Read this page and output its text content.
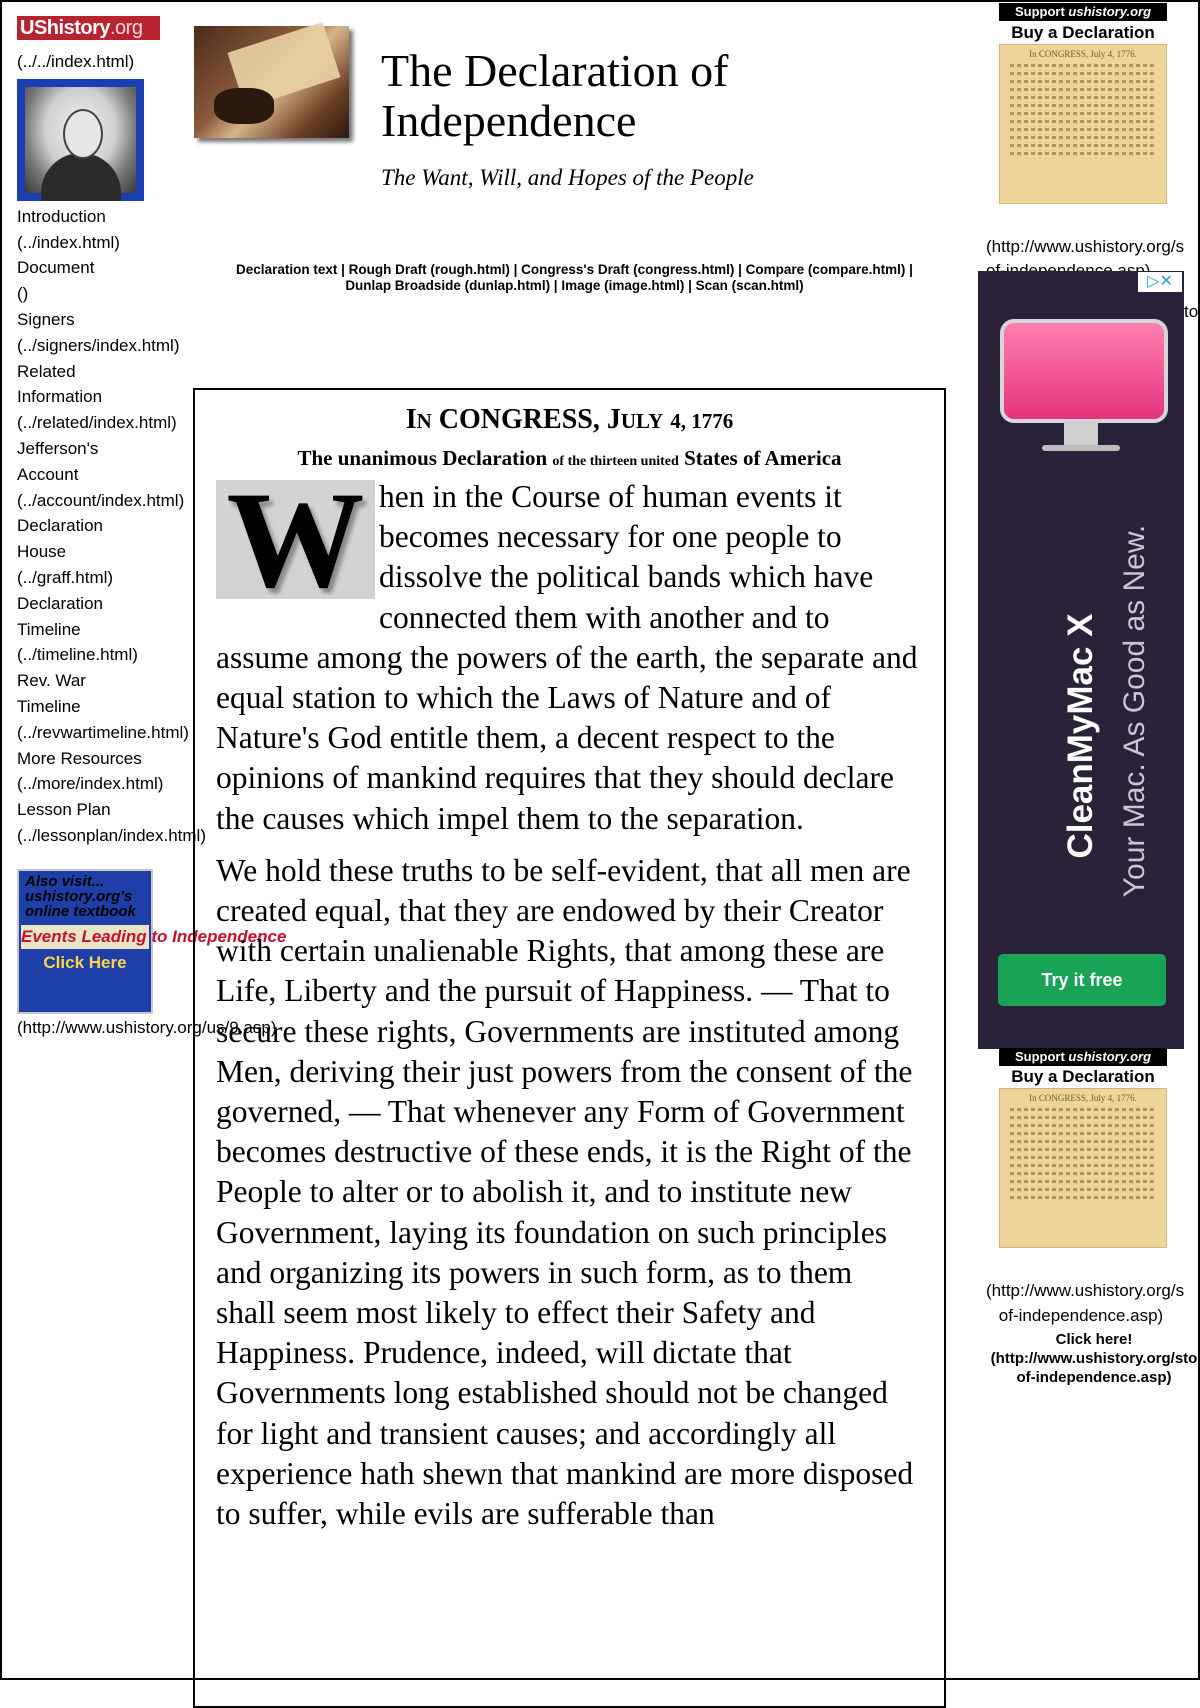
UShistory.org
(../../index.html)
Introduction
(../index.html)
Document
()
Signers
(../signers/index.html)
Related
Information
(../related/index.html)
Jefferson's
Account
(../account/index.html)
Declaration
House
(../graff.html)
Declaration
Timeline
(../timeline.html)
Rev. War
Timeline
(../revwartimeline.html)
More Resources
(../more/index.html)
Lesson Plan
(../lessonplan/index.html)
Also visit...
ushistory.org's
online textbook
Events Leading to Independence
Click Here
(http://www.ushistory.org/us/9.asp)
The Declaration of Independence
The Want, Will, and Hopes of the People
Declaration text | Rough Draft (rough.html) | Congress's Draft (congress.html) | Compare (compare.html) |
Dunlap Broadside (dunlap.html) | Image (image.html) | Scan (scan.html)
IN CONGRESS, JULY 4, 1776
The unanimous Declaration of the thirteen united States of America
W hen in the Course of human events it becomes necessary for one people to dissolve the political bands which have connected them with another and to assume among the powers of the earth, the separate and equal station to which the Laws of Nature and of Nature's God entitle them, a decent respect to the opinions of mankind requires that they should declare the causes which impel them to the separation.

We hold these truths to be self-evident, that all men are created equal, that they are endowed by their Creator with certain unalienable Rights, that among these are Life, Liberty and the pursuit of Happiness. — That to secure these rights, Governments are instituted among Men, deriving their just powers from the consent of the governed, — That whenever any Form of Government becomes destructive of these ends, it is the Right of the People to alter or to abolish it, and to institute new Government, laying its foundation on such principles and organizing its powers in such form, as to them shall seem most likely to effect their Safety and Happiness. Prudence, indeed, will dictate that Governments long established should not be changed for light and transient causes; and accordingly all experience hath shewn that mankind are more disposed to suffer, while evils are sufferable than

Support ushistory.org
Buy a Declaration
In CONGRESS, July 4, 1776.
(http://www.ushistory.org/s
to
▷✕
CleanMyMac X Your Mac. As Good as New.
Try it free
Support ushistory.org
Buy a Declaration
In CONGRESS, July 4, 1776.
(http://www.ushistory.org/s
of-independence.asp)
Click here!
(http://www.ushistory.org/sto
of-independence.asp)
